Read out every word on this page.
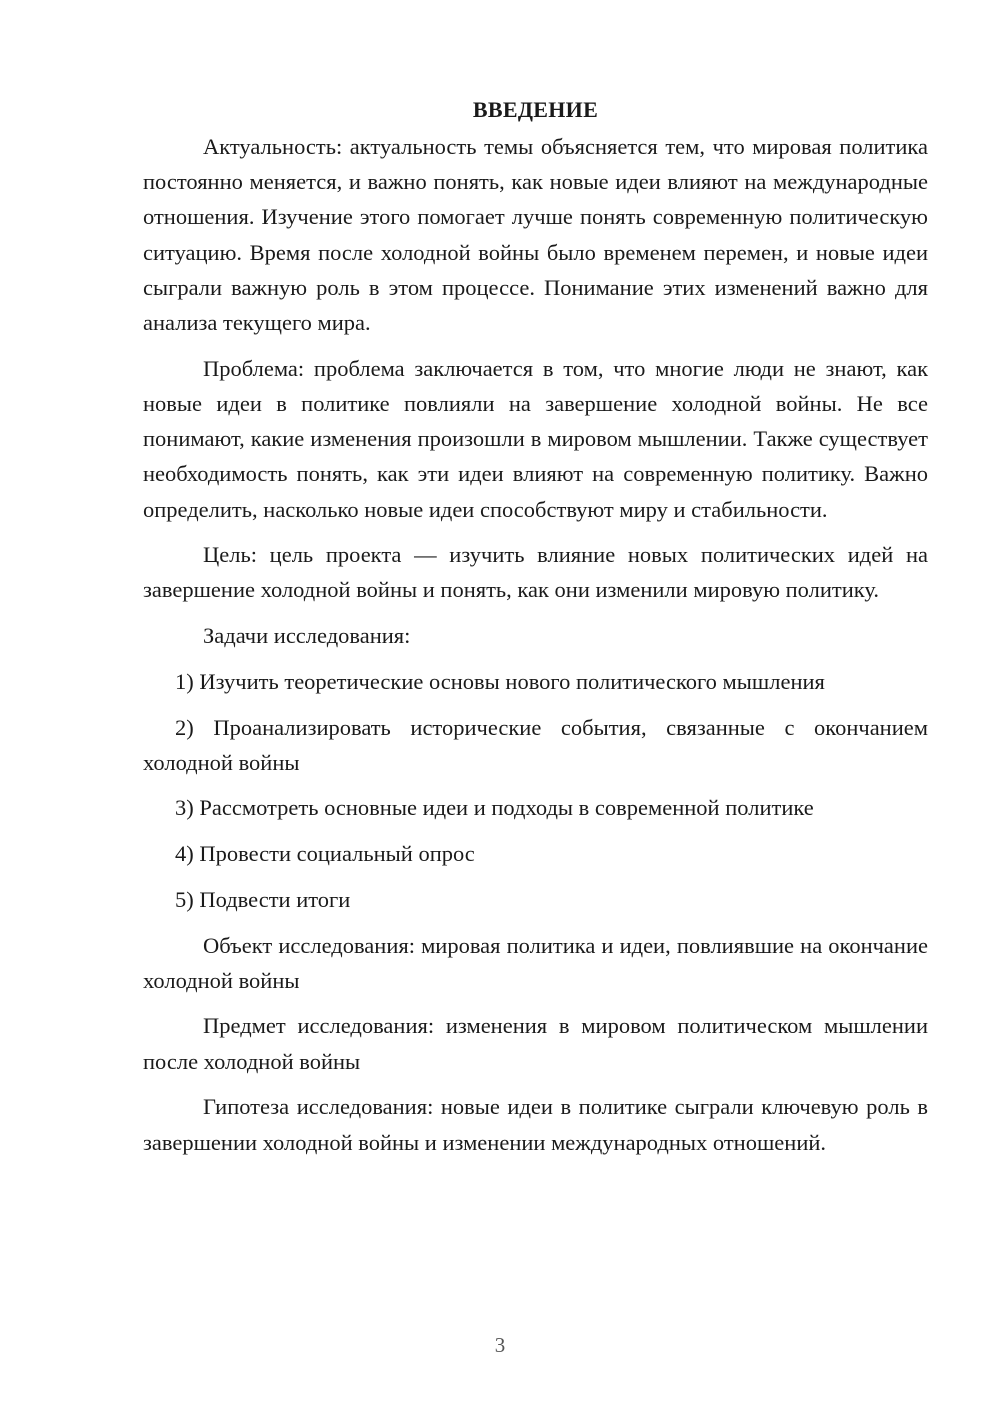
ВВЕДЕНИЕ

Актуальность: актуальность темы объясняется тем, что мировая политика постоянно меняется, и важно понять, как новые идеи влияют на международные отношения. Изучение этого помогает лучше понять современную политическую ситуацию. Время после холодной войны было временем перемен, и новые идеи сыграли важную роль в этом процессе. Понимание этих изменений важно для анализа текущего мира.

Проблема: проблема заключается в том, что многие люди не знают, как новые идеи в политике повлияли на завершение холодной войны. Не все понимают, какие изменения произошли в мировом мышлении. Также существует необходимость понять, как эти идеи влияют на современную политику. Важно определить, насколько новые идеи способствуют миру и стабильности.

Цель: цель проекта — изучить влияние новых политических идей на завершение холодной войны и понять, как они изменили мировую политику.

Задачи исследования:

1) Изучить теоретические основы нового политического мышления

2) Проанализировать исторические события, связанные с окончанием холодной войны

3) Рассмотреть основные идеи и подходы в современной политике

4) Провести социальный опрос

5) Подвести итоги

Объект исследования: мировая политика и идеи, повлиявшие на окончание холодной войны

Предмет исследования: изменения в мировом политическом мышлении после холодной войны

Гипотеза исследования: новые идеи в политике сыграли ключевую роль в завершении холодной войны и изменении международных отношений.

3
